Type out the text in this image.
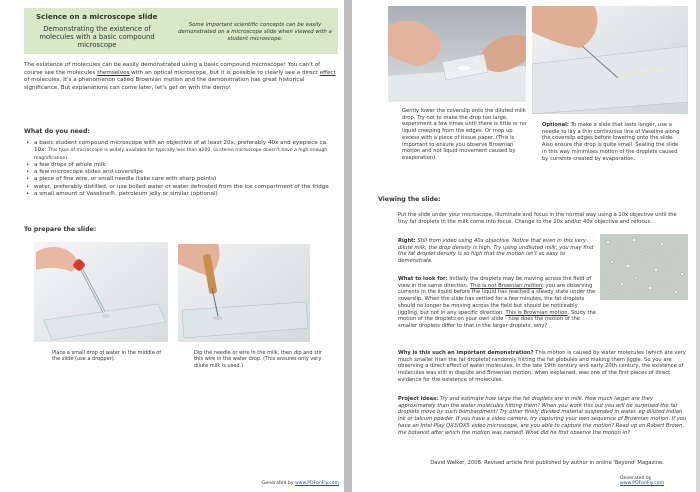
Science on a microscope slide
Demonstrating the existence of molecules with a basic compound microscope
Some important scientific concepts can be easily demonstrated on a microscope slide when viewed with a student microscope.
The existence of molecules can be easily demonstrated using a basic compound microscope! You can't of course see the molecules themselves with an optical microscope, but it is possible to clearly see a direct effect of molecules. It's a phenomenon called Brownian motion and the demonstration has great historical significance. But explanations can come later, let's get on with the demo!
What do you need:
• a basic student compound microscope with an objective of at least 20x, preferably 40x and eyepiece ca. 10x. This type of microscope is widely available for typically less than $200. (a stereo microscope doesn't have a high enough magnification).
• a few drops of whole milk
• a few microscope slides and coverslips
• a piece of fine wire, or small needle (take care with sharp points)
• water, preferably distilled, or use boiled water or water defrosted from the ice compartment of the fridge
• a small amount of Vaseline®, petroleum jelly or similar (optional)
To prepare the slide:
Place a small drop of water in the middle of the slide (use a dropper).
Dip the needle or wire in the milk, then dip and stir this wire in the water drop. (This ensures only very dilute milk is used.)
Generated by www.PDFonFly.com
Gently lower the coverslip onto the diluted milk drop. Try not to make the drop too large, experiment a few times until there is little or no liquid creeping from the edges. Or mop up excess with a piece of tissue paper. (This is important to ensure you observe Brownian motion and not liquid movement caused by evaporation).
Optional: To make a slide that lasts longer, use a needle to lay a thin continuous line of Vaseline along the coverslip edges before lowering onto the slide. Also ensure the drop is quite small. Sealing the slide in this way minimises motion of the droplets caused by currents created by evaporation.
Viewing the slide:
Put the slide under your microscope, illuminate and focus in the normal way using a 10x objective until the tiny fat droplets in the milk come into focus. Change to the 20x and/or 40x objective and refocus.
Right: Still from video using 40x objective. Notice that even in this very dilute milk, the drop density is high. Try using undiluted milk; you may find the fat droplet density is so high that the motion isn't so easy to demonstrate.
What to look for: Initially the droplets may be moving across the field of view in the same direction. This is not Brownian motion; you are observing currents in the liquid before the liquid has reached a steady state under the coverslip. When the slide has settled for a few minutes, the fat droplets should no longer be moving across the field but should be noticeably jiggling, but not in any specific direction. This is Brownian motion. Study the motion of the droplets on your own slide - how does the motion of the smaller droplets differ to that in the larger droplets, why?
Why is this such an important demonstration? This motion is caused by water molecules (which are very much smaller than the fat droplets) randomly hitting the fat globules and making them jiggle. So you are observing a direct effect of water molecules. In the late 19th century and early 20th century, the existence of molecules was still in dispute and Brownian motion, when explained, was one of the first pieces of direct evidence for the existence of molecules.
Project ideas: Try and estimate how large the fat droplets are in milk. How much larger are they approximately than the water molecules hitting them? When you work this out you will be surprised the fat droplets move by such bombardment! Try other finely divided material suspended in water. eg diluted Indian ink or talcum powder. If you have a video camera, try capturing your own sequence of Brownian motion. If you have an Intel Play QX3/QX5 video microscope, are you able to capture the motion? Read up on Robert Brown, the botanist after which the motion was named! What did he first observe the motion in?
David Walker, 2008. Revised article first published by author in online 'Beyond' Magazine.
Generated by www.PDFonFly.com
